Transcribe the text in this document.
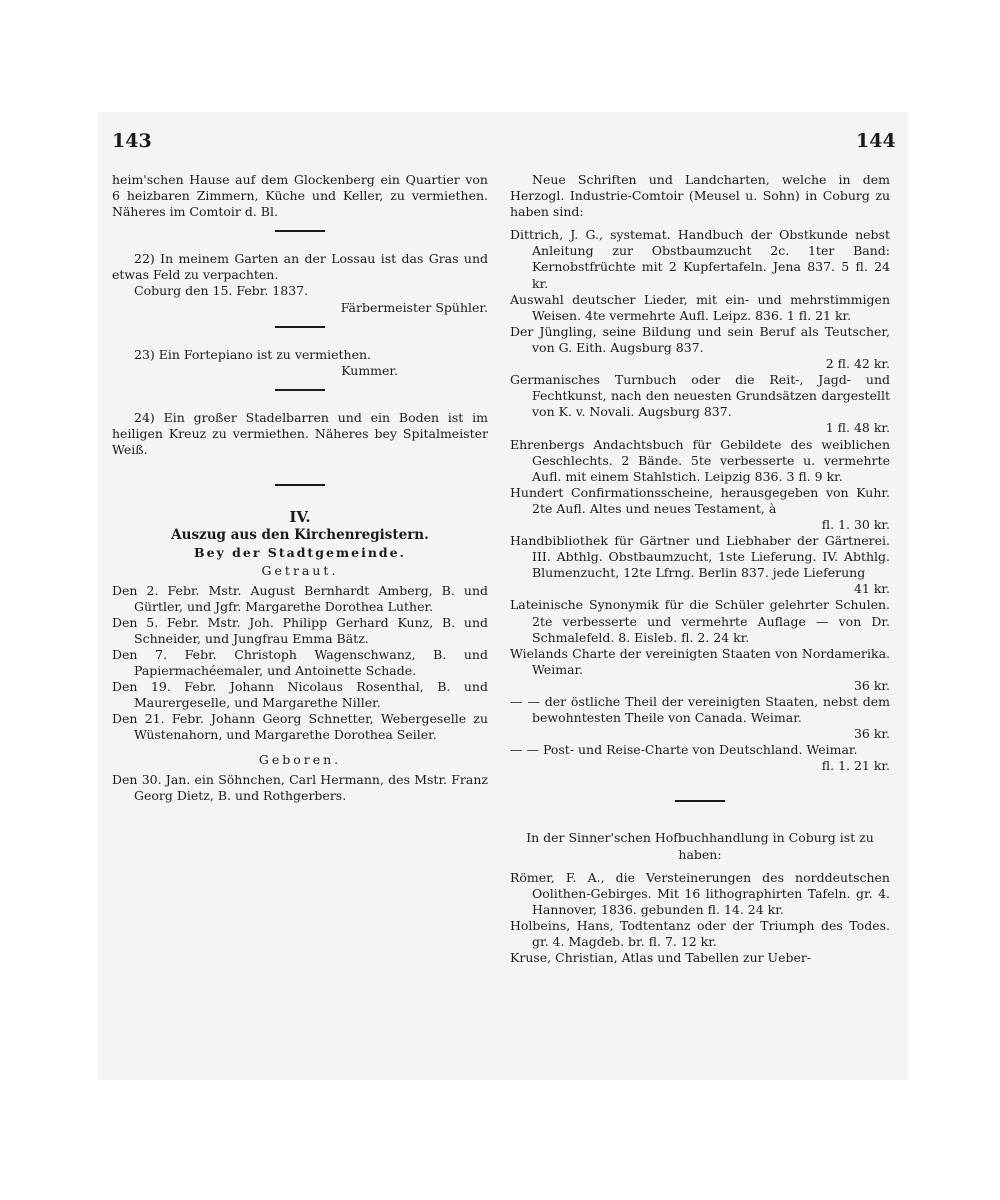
143	144

heim'schen Hause auf dem Glockenberg ein Quartier von 6 heizbaren Zimmern, Küche und Keller, zu vermiethen. Näheres im Comtoir d. Bl.

22) In meinem Garten an der Lossau ist das Gras und etwas Feld zu verpachten.

Coburg den 15. Febr. 1837.

Färbermeister Spühler.

23) Ein Fortepiano ist zu vermiethen.

Kummer.

24) Ein großer Stadelbarren und ein Boden ist im heiligen Kreuz zu vermiethen. Näheres bey Spitalmeister Weiß.

IV.
Auszug aus den Kirchenregistern.
Bey der Stadtgemeinde.
Getraut.

Den 2. Febr. Mstr. August Bernhardt Amberg, B. und Gürtler, und Jgfr. Margarethe Dorothea Luther.

Den 5. Febr. Mstr. Joh. Philipp Gerhard Kunz, B. und Schneider, und Jungfrau Emma Bätz.

Den 7. Febr. Christoph Wagenschwanz, B. und Papiermachéemaler, und Antoinette Schade.

Den 19. Febr. Johann Nicolaus Rosenthal, B. und Maurergeselle, und Margarethe Niller.

Den 21. Febr. Johann Georg Schnetter, Webergeselle zu Wüstenahorn, und Margarethe Dorothea Seiler.

Geboren.

Den 30. Jan. ein Söhnchen, Carl Hermann, des Mstr. Franz Georg Dietz, B. und Rothgerbers.

Neue Schriften und Landcharten, welche in dem Herzogl. Industrie-Comtoir (Meusel u. Sohn) in Coburg zu haben sind:

Dittrich, J. G., systemat. Handbuch der Obstkunde nebst Anleitung zur Obstbaumzucht 2c. 1ter Band: Kernobstfrüchte mit 2 Kupfertafeln. Jena 837. 5 fl. 24 kr.

Auswahl deutscher Lieder, mit ein- und mehrstimmigen Weisen. 4te vermehrte Aufl. Leipz. 836. 1 fl. 21 kr.

Der Jüngling, seine Bildung und sein Beruf als Teutscher, von G. Eith. Augsburg 837.

2 fl. 42 kr.

Germanisches Turnbuch oder die Reit-, Jagd- und Fechtkunst, nach den neuesten Grundsätzen dargestellt von K. v. Novali. Augsburg 837.

1 fl. 48 kr.

Ehrenbergs Andachtsbuch für Gebildete des weiblichen Geschlechts. 2 Bände. 5te verbesserte u. vermehrte Aufl. mit einem Stahlstich. Leipzig 836. 3 fl. 9 kr.

Hundert Confirmationsscheine, herausgegeben von Kuhr. 2te Aufl. Altes und neues Testament, à

fl. 1. 30 kr.

Handbibliothek für Gärtner und Liebhaber der Gärtnerei. III. Abthlg. Obstbaumzucht, 1ste Lieferung. IV. Abthlg. Blumenzucht, 12te Lfrng. Berlin 837. jede Lieferung

41 kr.

Lateinische Synonymik für die Schüler gelehrter Schulen. 2te verbesserte und vermehrte Auflage — von Dr. Schmalefeld. 8. Eisleb. fl. 2. 24 kr.

Wielands Charte der vereinigten Staaten von Nordamerika. Weimar.

36 kr.

— — der östliche Theil der vereinigten Staaten, nebst dem bewohntesten Theile von Canada. Weimar.

36 kr.

— — Post- und Reise-Charte von Deutschland. Weimar.

fl. 1. 21 kr.

In der Sinner'schen Hofbuchhandlung in Coburg ist zu haben:

Römer, F. A., die Versteinerungen des norddeutschen Oolithen-Gebirges. Mit 16 lithographirten Tafeln. gr. 4. Hannover, 1836. gebunden fl. 14. 24 kr.

Holbeins, Hans, Todtentanz oder der Triumph des Todes. gr. 4. Magdeb. br. fl. 7. 12 kr.

Kruse, Christian, Atlas und Tabellen zur Ueber-
